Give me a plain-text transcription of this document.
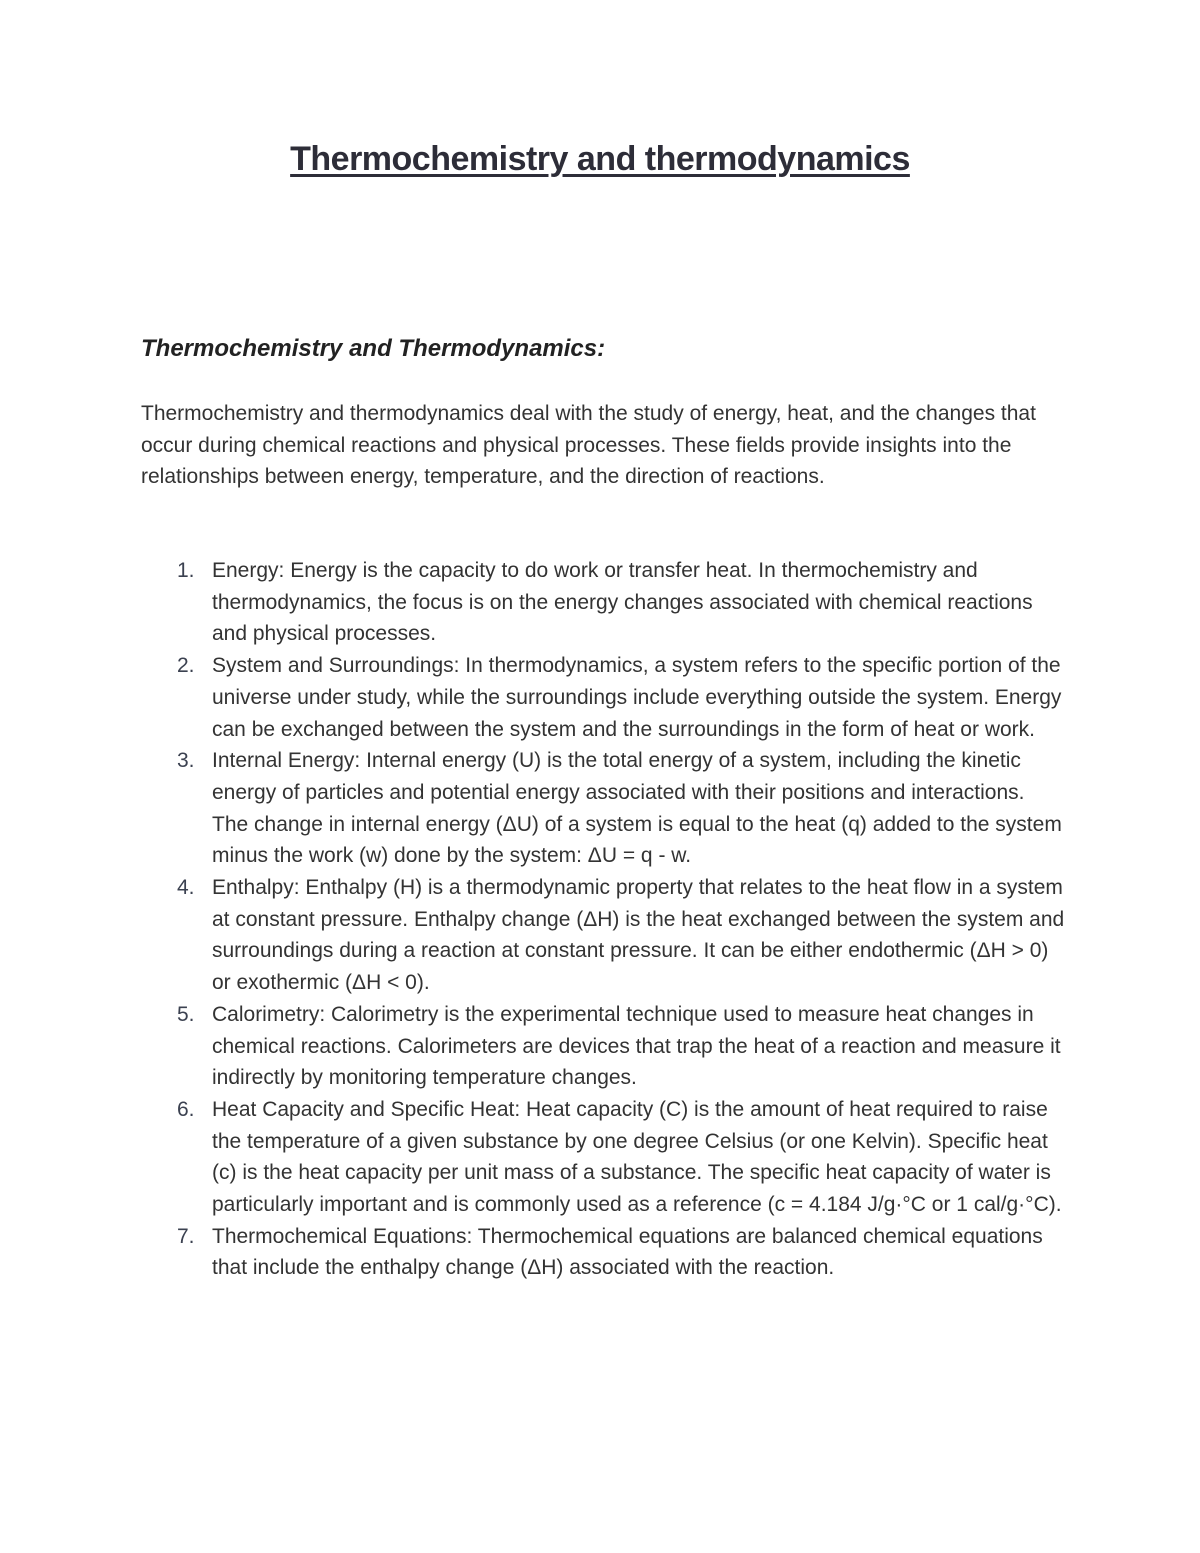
Thermochemistry and thermodynamics
Thermochemistry and Thermodynamics:

Thermochemistry and thermodynamics deal with the study of energy, heat, and the changes that occur during chemical reactions and physical processes. These fields provide insights into the relationships between energy, temperature, and the direction of reactions.

1. Energy: Energy is the capacity to do work or transfer heat. In thermochemistry and thermodynamics, the focus is on the energy changes associated with chemical reactions and physical processes.
2. System and Surroundings: In thermodynamics, a system refers to the specific portion of the universe under study, while the surroundings include everything outside the system. Energy can be exchanged between the system and the surroundings in the form of heat or work.
3. Internal Energy: Internal energy (U) is the total energy of a system, including the kinetic energy of particles and potential energy associated with their positions and interactions. The change in internal energy (ΔU) of a system is equal to the heat (q) added to the system minus the work (w) done by the system: ΔU = q - w.
4. Enthalpy: Enthalpy (H) is a thermodynamic property that relates to the heat flow in a system at constant pressure. Enthalpy change (ΔH) is the heat exchanged between the system and surroundings during a reaction at constant pressure. It can be either endothermic (ΔH > 0) or exothermic (ΔH < 0).
5. Calorimetry: Calorimetry is the experimental technique used to measure heat changes in chemical reactions. Calorimeters are devices that trap the heat of a reaction and measure it indirectly by monitoring temperature changes.
6. Heat Capacity and Specific Heat: Heat capacity (C) is the amount of heat required to raise the temperature of a given substance by one degree Celsius (or one Kelvin). Specific heat (c) is the heat capacity per unit mass of a substance. The specific heat capacity of water is particularly important and is commonly used as a reference (c = 4.184 J/g·°C or 1 cal/g·°C).
7. Thermochemical Equations: Thermochemical equations are balanced chemical equations that include the enthalpy change (ΔH) associated with the reaction.
